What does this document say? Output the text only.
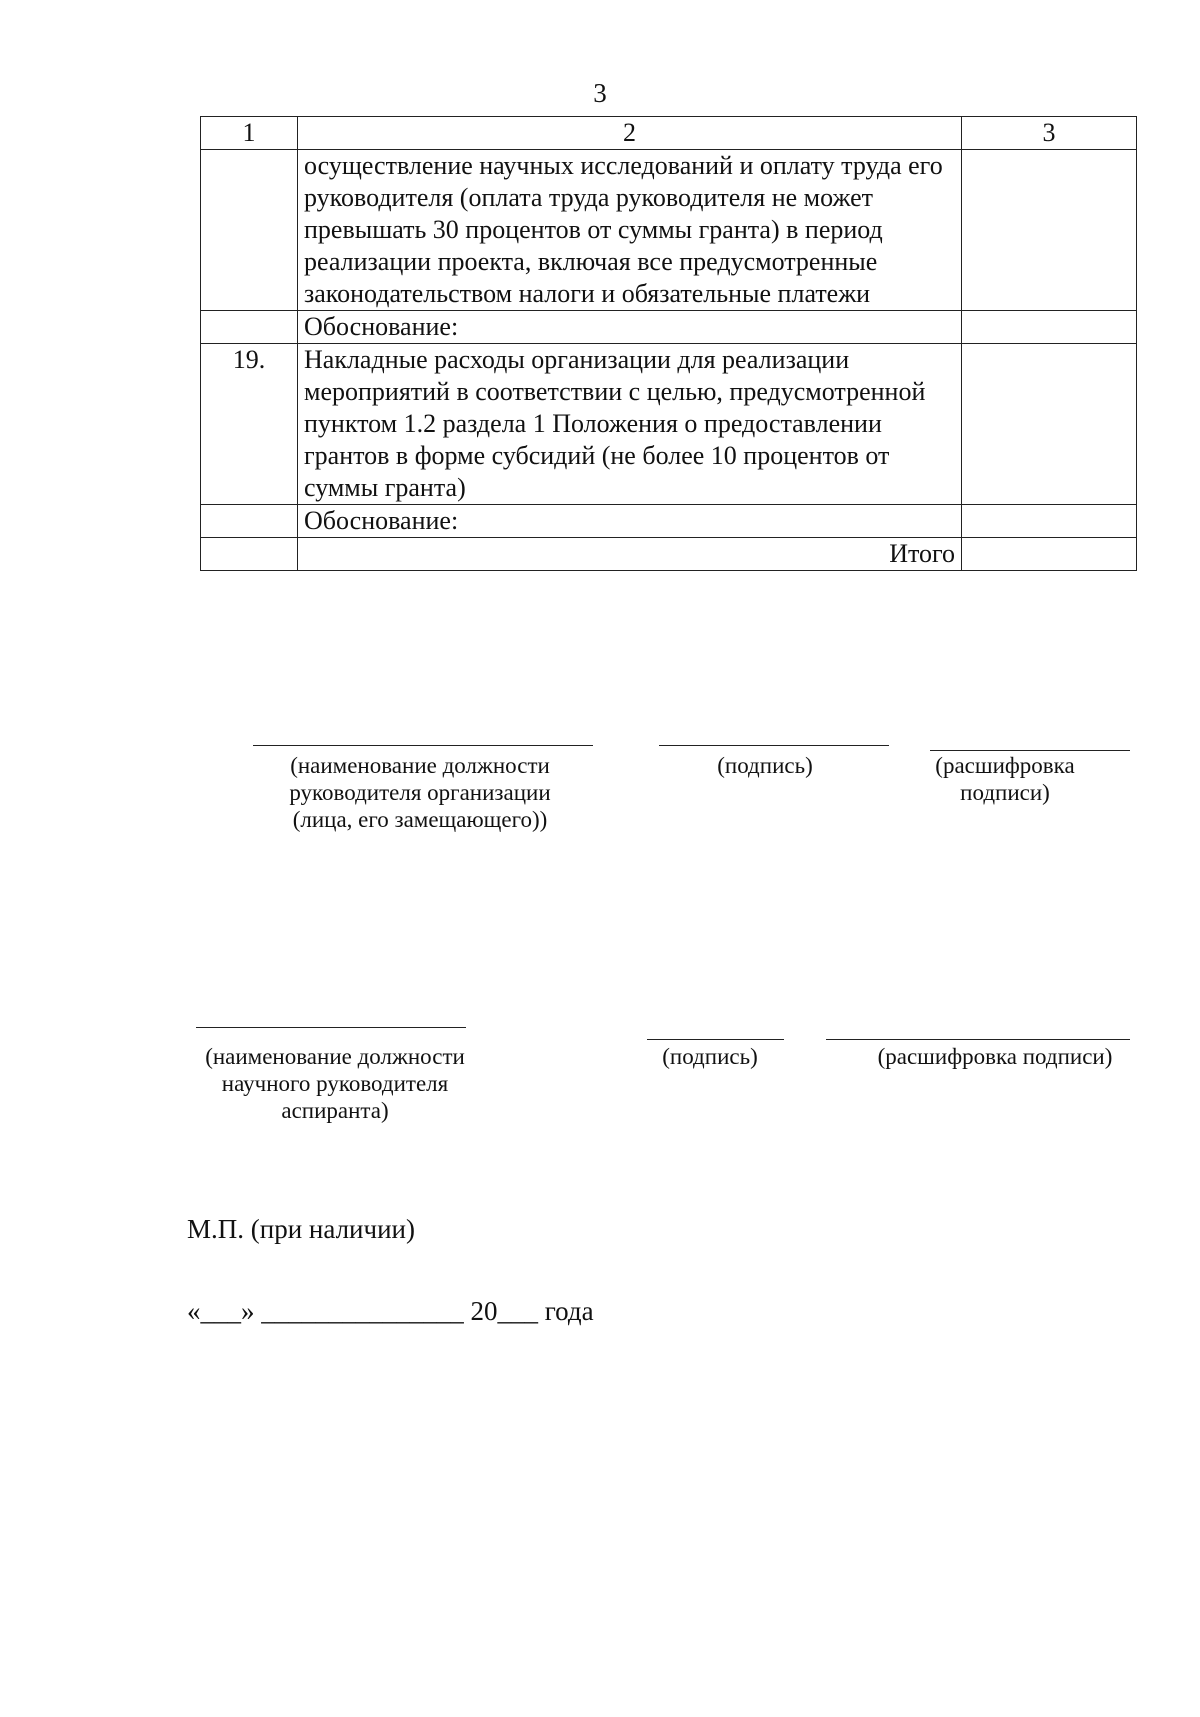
3
1	2	3
	осуществление научных исследований и оплату труда его руководителя (оплата труда руководителя не может превышать 30 процентов от суммы гранта) в период реализации проекта, включая все предусмотренные законодательством налоги и обязательные платежи	
	Обоснование:	
19.	Накладные расходы организации для реализации мероприятий в соответствии с целью, предусмотренной пунктом 1.2 раздела 1 Положения о предоставлении грантов в форме субсидий (не более 10 процентов от суммы гранта)	
	Обоснование:	
	Итого	
(наименование должности руководителя организации (лица, его замещающего))
(подпись)	(расшифровка подписи)
(наименование должности научного руководителя аспиранта)
(подпись)	(расшифровка подписи)
М.П. (при наличии)
«___» _______________ 20___ года
